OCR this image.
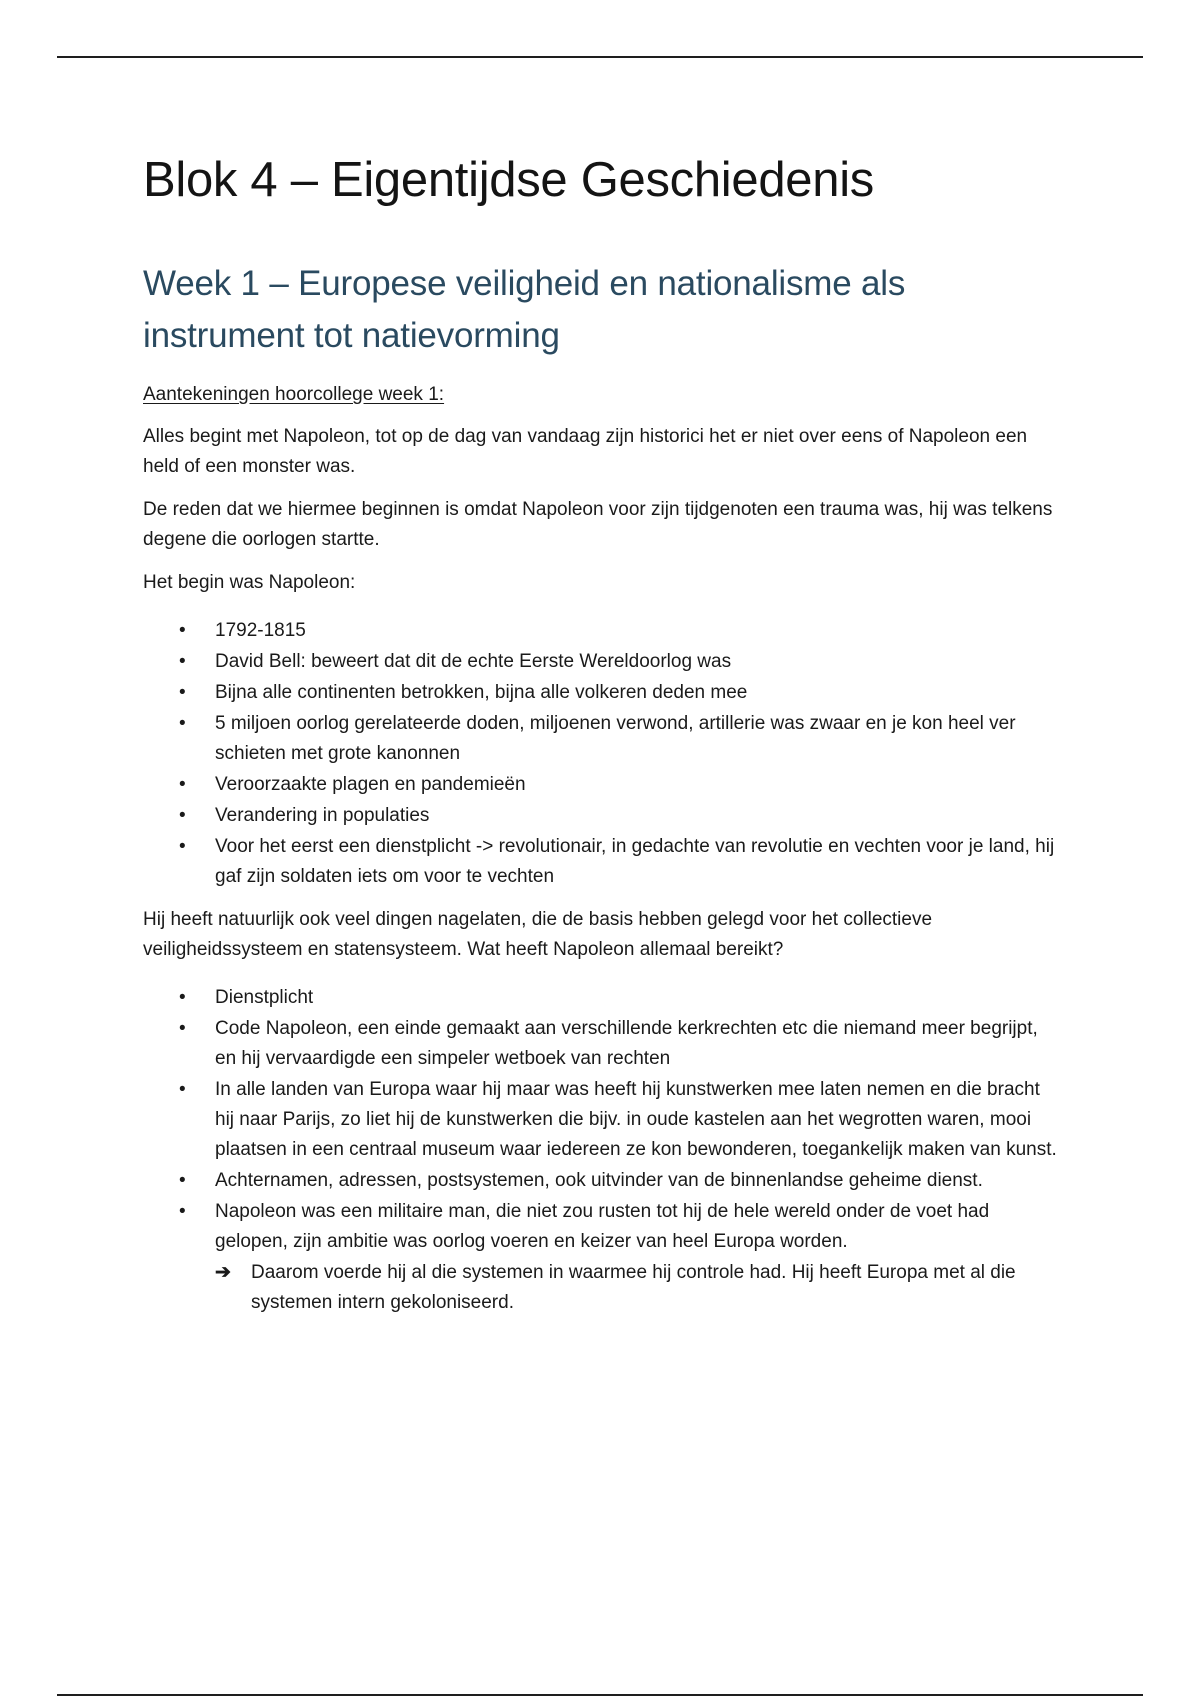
Blok 4 – Eigentijdse Geschiedenis
Week 1 – Europese veiligheid en nationalisme als instrument tot natievorming
Aantekeningen hoorcollege week 1:

Alles begint met Napoleon, tot op de dag van vandaag zijn historici het er niet over eens of Napoleon een held of een monster was.

De reden dat we hiermee beginnen is omdat Napoleon voor zijn tijdgenoten een trauma was, hij was telkens degene die oorlogen startte.

Het begin was Napoleon:

• 1792-1815
• David Bell: beweert dat dit de echte Eerste Wereldoorlog was
• Bijna alle continenten betrokken, bijna alle volkeren deden mee
• 5 miljoen oorlog gerelateerde doden, miljoenen verwond, artillerie was zwaar en je kon heel ver schieten met grote kanonnen
• Veroorzaakte plagen en pandemieën
• Verandering in populaties
• Voor het eerst een dienstplicht -> revolutionair, in gedachte van revolutie en vechten voor je land, hij gaf zijn soldaten iets om voor te vechten

Hij heeft natuurlijk ook veel dingen nagelaten, die de basis hebben gelegd voor het collectieve veiligheidssysteem en statensysteem. Wat heeft Napoleon allemaal bereikt?

• Dienstplicht
• Code Napoleon, een einde gemaakt aan verschillende kerkrechten etc die niemand meer begrijpt, en hij vervaardigde een simpeler wetboek van rechten
• In alle landen van Europa waar hij maar was heeft hij kunstwerken mee laten nemen en die bracht hij naar Parijs, zo liet hij de kunstwerken die bijv. in oude kastelen aan het wegrotten waren, mooi plaatsen in een centraal museum waar iedereen ze kon bewonderen, toegankelijk maken van kunst.
• Achternamen, adressen, postsystemen, ook uitvinder van de binnenlandse geheime dienst.
• Napoleon was een militaire man, die niet zou rusten tot hij de hele wereld onder de voet had gelopen, zijn ambitie was oorlog voeren en keizer van heel Europa worden.
➔ Daarom voerde hij al die systemen in waarmee hij controle had. Hij heeft Europa met al die systemen intern gekoloniseerd.
